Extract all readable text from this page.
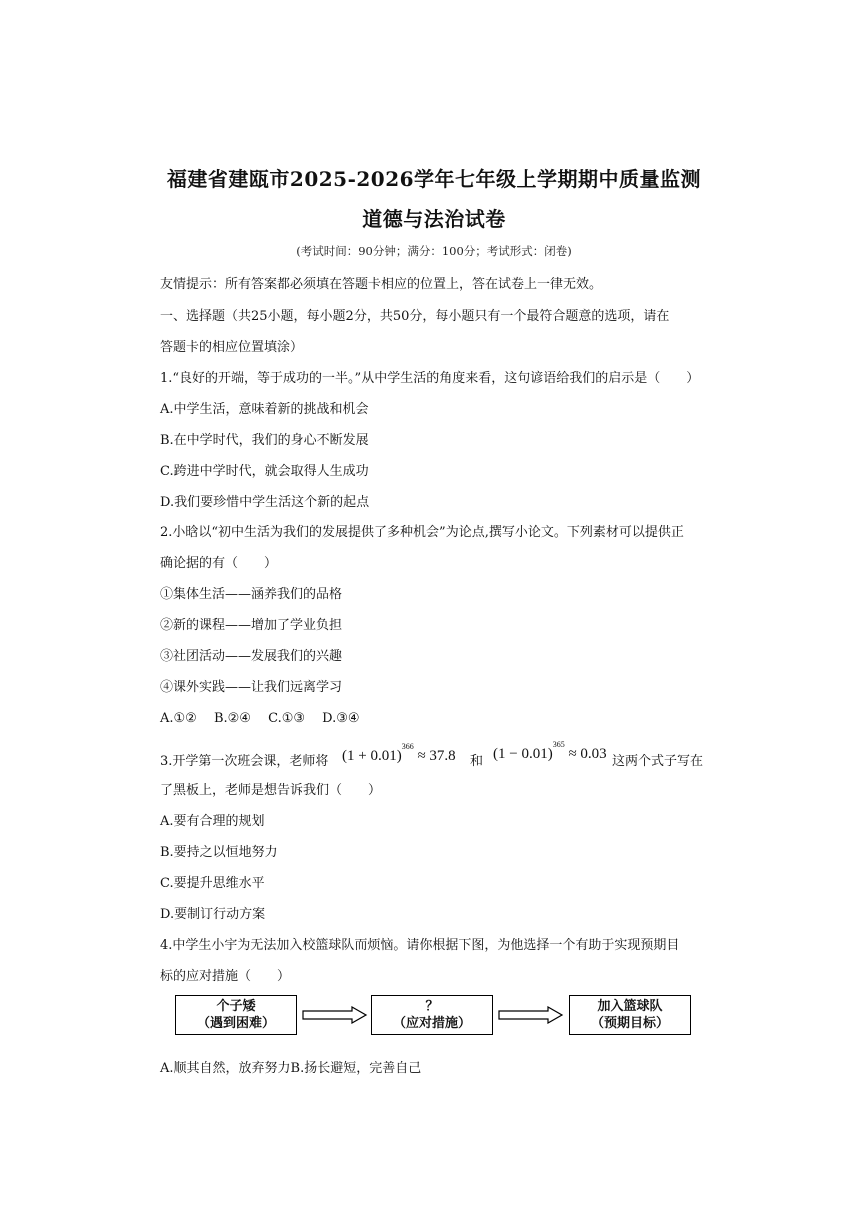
福建省建瓯市2025-2026学年七年级上学期期中质量监测
道德与法治试卷
(考试时间：90分钟；满分：100分；考试形式：闭卷)
友情提示：所有答案都必须填在答题卡相应的位置上，答在试卷上一律无效。
一、选择题（共25小题，每小题2分，共50分，每小题只有一个最符合题意的选项，请在
答题卡的相应位置填涂）
1.“良好的开端，等于成功的一半。”从中学生活的角度来看，这句谚语给我们的启示是（　　）
A.中学生活，意味着新的挑战和机会
B.在中学时代，我们的身心不断发展
C.跨进中学时代，就会取得人生成功
D.我们要珍惜中学生活这个新的起点
2.小晗以“初中生活为我们的发展提供了多种机会”为论点,撰写小论文。下列素材可以提供正
确论据的有（　　）
①集体生活——涵养我们的品格
②新的课程——增加了学业负担
③社团活动——发展我们的兴趣
④课外实践——让我们远离学习
A.①②　 B.②④　 C.①③　 D.③④
3.开学第一次班会课，老师将 $(1 + 0.01)^{366} \approx 37.8$ 和 $(1 - 0.01)^{365} \approx 0.03$ 这两个式子写在
了黑板上，老师是想告诉我们（　　）
A.要有合理的规划
B.要持之以恒地努力
C.要提升思维水平
D.要制订行动方案
4.中学生小宇为无法加入校篮球队而烦恼。请你根据下图，为他选择一个有助于实现预期目
标的应对措施（　　）
个子矮
（遇到困难）
？
（应对措施）
加入篮球队
（预期目标）
A.顺其自然，放弃努力B.扬长避短，完善自己
